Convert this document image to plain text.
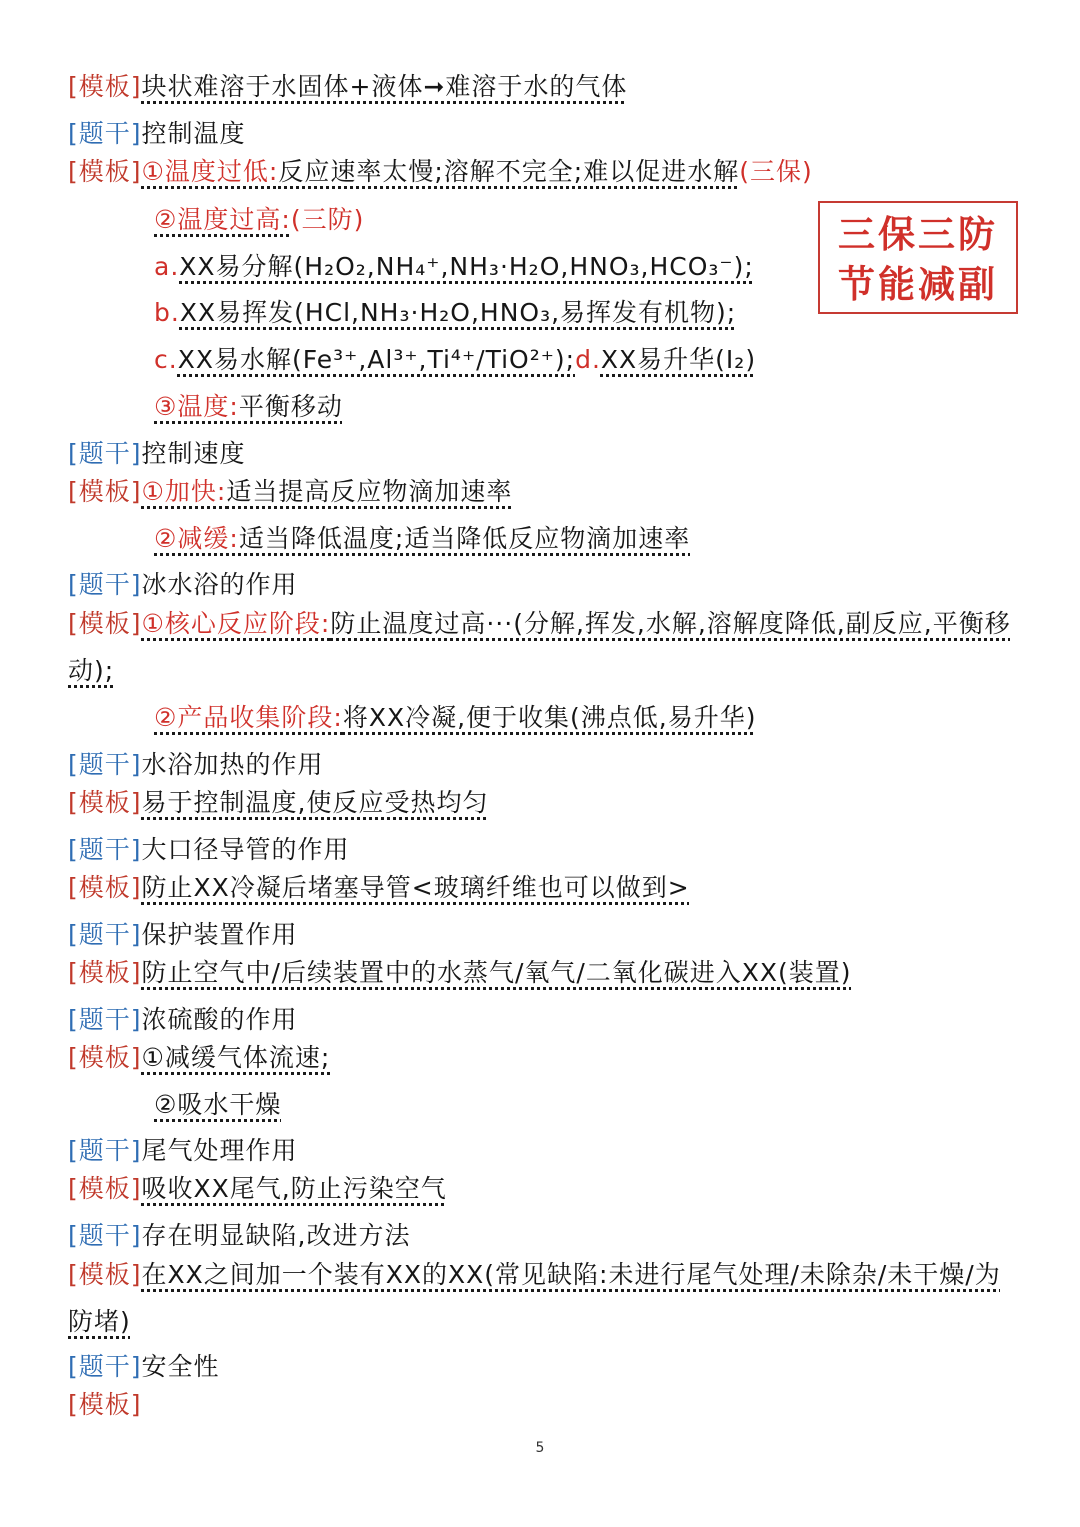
[模板]块状难溶于水固体+液体➞难溶于水的气体
[题干]控制温度
[模板]①温度过低:反应速率太慢;溶解不完全;难以促进水解(三保)
②温度过高:(三防)
a.XX易分解(H₂O₂,NH₄⁺,NH₃·H₂O,HNO₃,HCO₃⁻);
b.XX易挥发(HCl,NH₃·H₂O,HNO₃,易挥发有机物);
c.XX易水解(Fe³⁺,Al³⁺,Ti⁴⁺/TiO²⁺);d.XX易升华(I₂)
③温度:平衡移动
三保三防
节能减副
[题干]控制速度
[模板]①加快:适当提高反应物滴加速率
②减缓:适当降低温度;适当降低反应物滴加速率
[题干]冰水浴的作用
[模板]①核心反应阶段:防止温度过高···(分解,挥发,水解,溶解度降低,副反应,平衡移动);
②产品收集阶段:将XX冷凝,便于收集(沸点低,易升华)
[题干]水浴加热的作用
[模板]易于控制温度,使反应受热均匀
[题干]大口径导管的作用
[模板]防止XX冷凝后堵塞导管<玻璃纤维也可以做到>
[题干]保护装置作用
[模板]防止空气中/后续装置中的水蒸气/氧气/二氧化碳进入XX(装置)
[题干]浓硫酸的作用
[模板]①减缓气体流速;
②吸水干燥
[题干]尾气处理作用
[模板]吸收XX尾气,防止污染空气
[题干]存在明显缺陷,改进方法
[模板]在XX之间加一个装有XX的XX(常见缺陷:未进行尾气处理/未除杂/未干燥/为防堵)
[题干]安全性
[模板]
5
